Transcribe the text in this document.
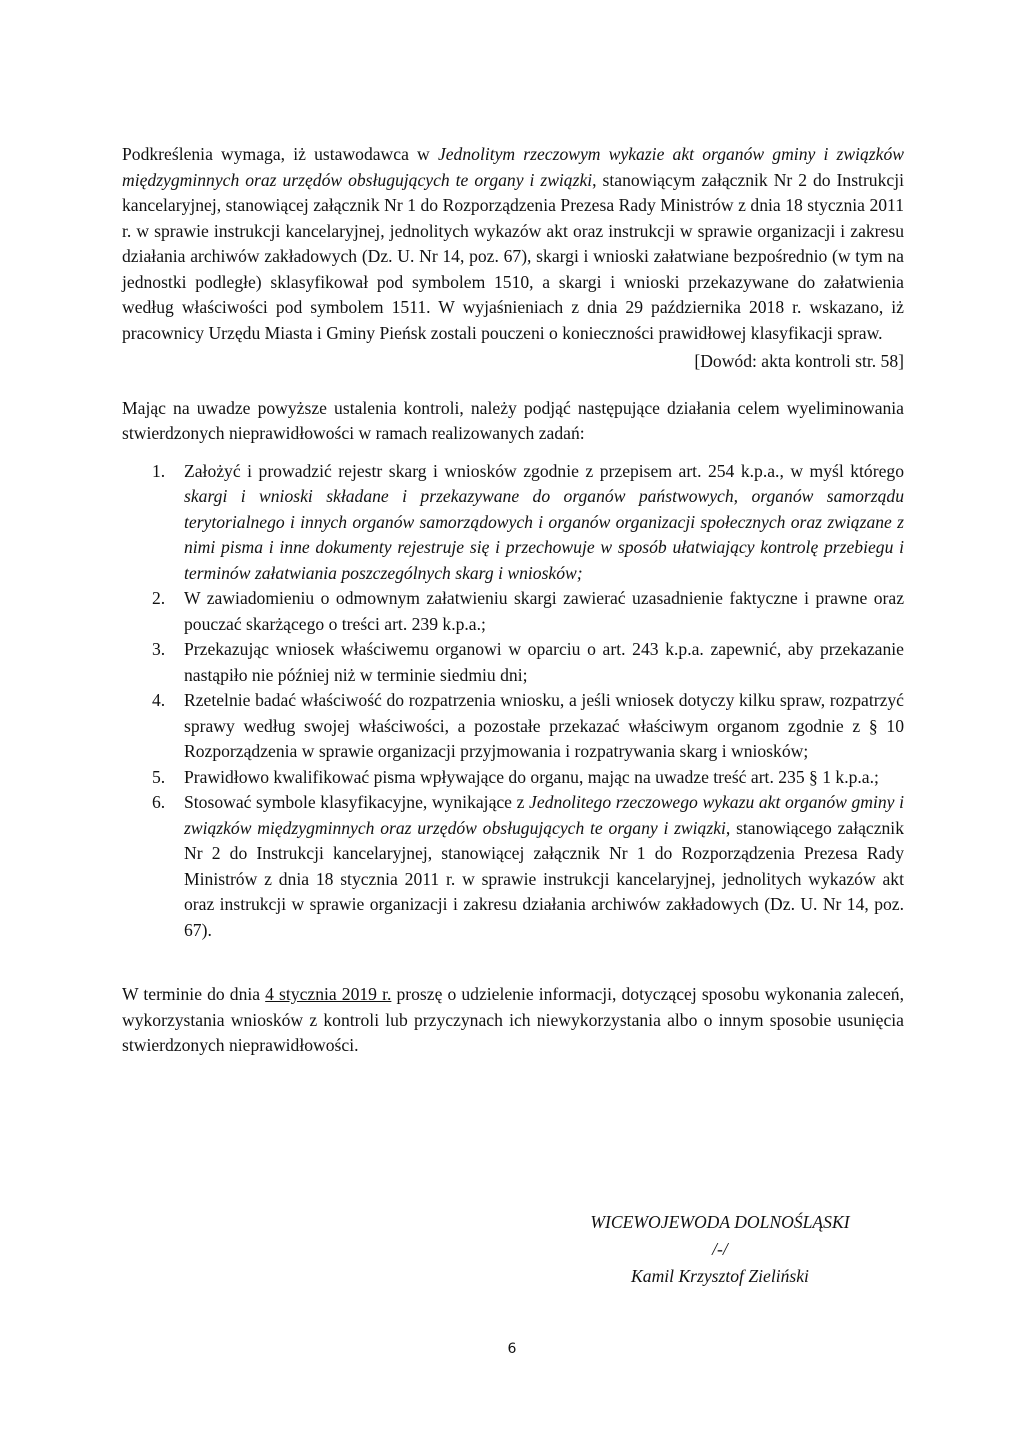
Podkreślenia wymaga, iż ustawodawca w Jednolitym rzeczowym wykazie akt organów gminy i związków międzygminnych oraz urzędów obsługujących te organy i związki, stanowiącym załącznik Nr 2 do Instrukcji kancelaryjnej, stanowiącej załącznik Nr 1 do Rozporządzenia Prezesa Rady Ministrów z dnia 18 stycznia 2011 r. w sprawie instrukcji kancelaryjnej, jednolitych wykazów akt oraz instrukcji w sprawie organizacji i zakresu działania archiwów zakładowych (Dz. U. Nr 14, poz. 67), skargi i wnioski załatwiane bezpośrednio (w tym na jednostki podległe) sklasyfikował pod symbolem 1510, a skargi i wnioski przekazywane do załatwienia według właściwości pod symbolem 1511. W wyjaśnieniach z dnia 29 października 2018 r. wskazano, iż pracownicy Urzędu Miasta i Gminy Pieńsk zostali pouczeni o konieczności prawidłowej klasyfikacji spraw.

[Dowód: akta kontroli str. 58]

Mając na uwadze powyższe ustalenia kontroli, należy podjąć następujące działania celem wyeliminowania stwierdzonych nieprawidłowości w ramach realizowanych zadań:

1. Założyć i prowadzić rejestr skarg i wniosków zgodnie z przepisem art. 254 k.p.a., w myśl którego skargi i wnioski składane i przekazywane do organów państwowych, organów samorządu terytorialnego i innych organów samorządowych i organów organizacji społecznych oraz związane z nimi pisma i inne dokumenty rejestruje się i przechowuje w sposób ułatwiający kontrolę przebiegu i terminów załatwiania poszczególnych skarg i wniosków;
2. W zawiadomieniu o odmownym załatwieniu skargi zawierać uzasadnienie faktyczne i prawne oraz pouczać skarżącego o treści art. 239 k.p.a.;
3. Przekazując wniosek właściwemu organowi w oparciu o art. 243 k.p.a. zapewnić, aby przekazanie nastąpiło nie później niż w terminie siedmiu dni;
4. Rzetelnie badać właściwość do rozpatrzenia wniosku, a jeśli wniosek dotyczy kilku spraw, rozpatrzyć sprawy według swojej właściwości, a pozostałe przekazać właściwym organom zgodnie z § 10 Rozporządzenia w sprawie organizacji przyjmowania i rozpatrywania skarg i wniosków;
5. Prawidłowo kwalifikować pisma wpływające do organu, mając na uwadze treść art. 235 § 1 k.p.a.;
6. Stosować symbole klasyfikacyjne, wynikające z Jednolitego rzeczowego wykazu akt organów gminy i związków międzygminnych oraz urzędów obsługujących te organy i związki, stanowiącego załącznik Nr 2 do Instrukcji kancelaryjnej, stanowiącej załącznik Nr 1 do Rozporządzenia Prezesa Rady Ministrów z dnia 18 stycznia 2011 r. w sprawie instrukcji kancelaryjnej, jednolitych wykazów akt oraz instrukcji w sprawie organizacji i zakresu działania archiwów zakładowych (Dz. U. Nr 14, poz. 67).

W terminie do dnia 4 stycznia 2019 r. proszę o udzielenie informacji, dotyczącej sposobu wykonania zaleceń, wykorzystania wniosków z kontroli lub przyczynach ich niewykorzystania albo o innym sposobie usunięcia stwierdzonych nieprawidłowości.

WICEWOJEWODA DOLNOŚLĄSKI
/-/
Kamil Krzysztof Zieliński
6
